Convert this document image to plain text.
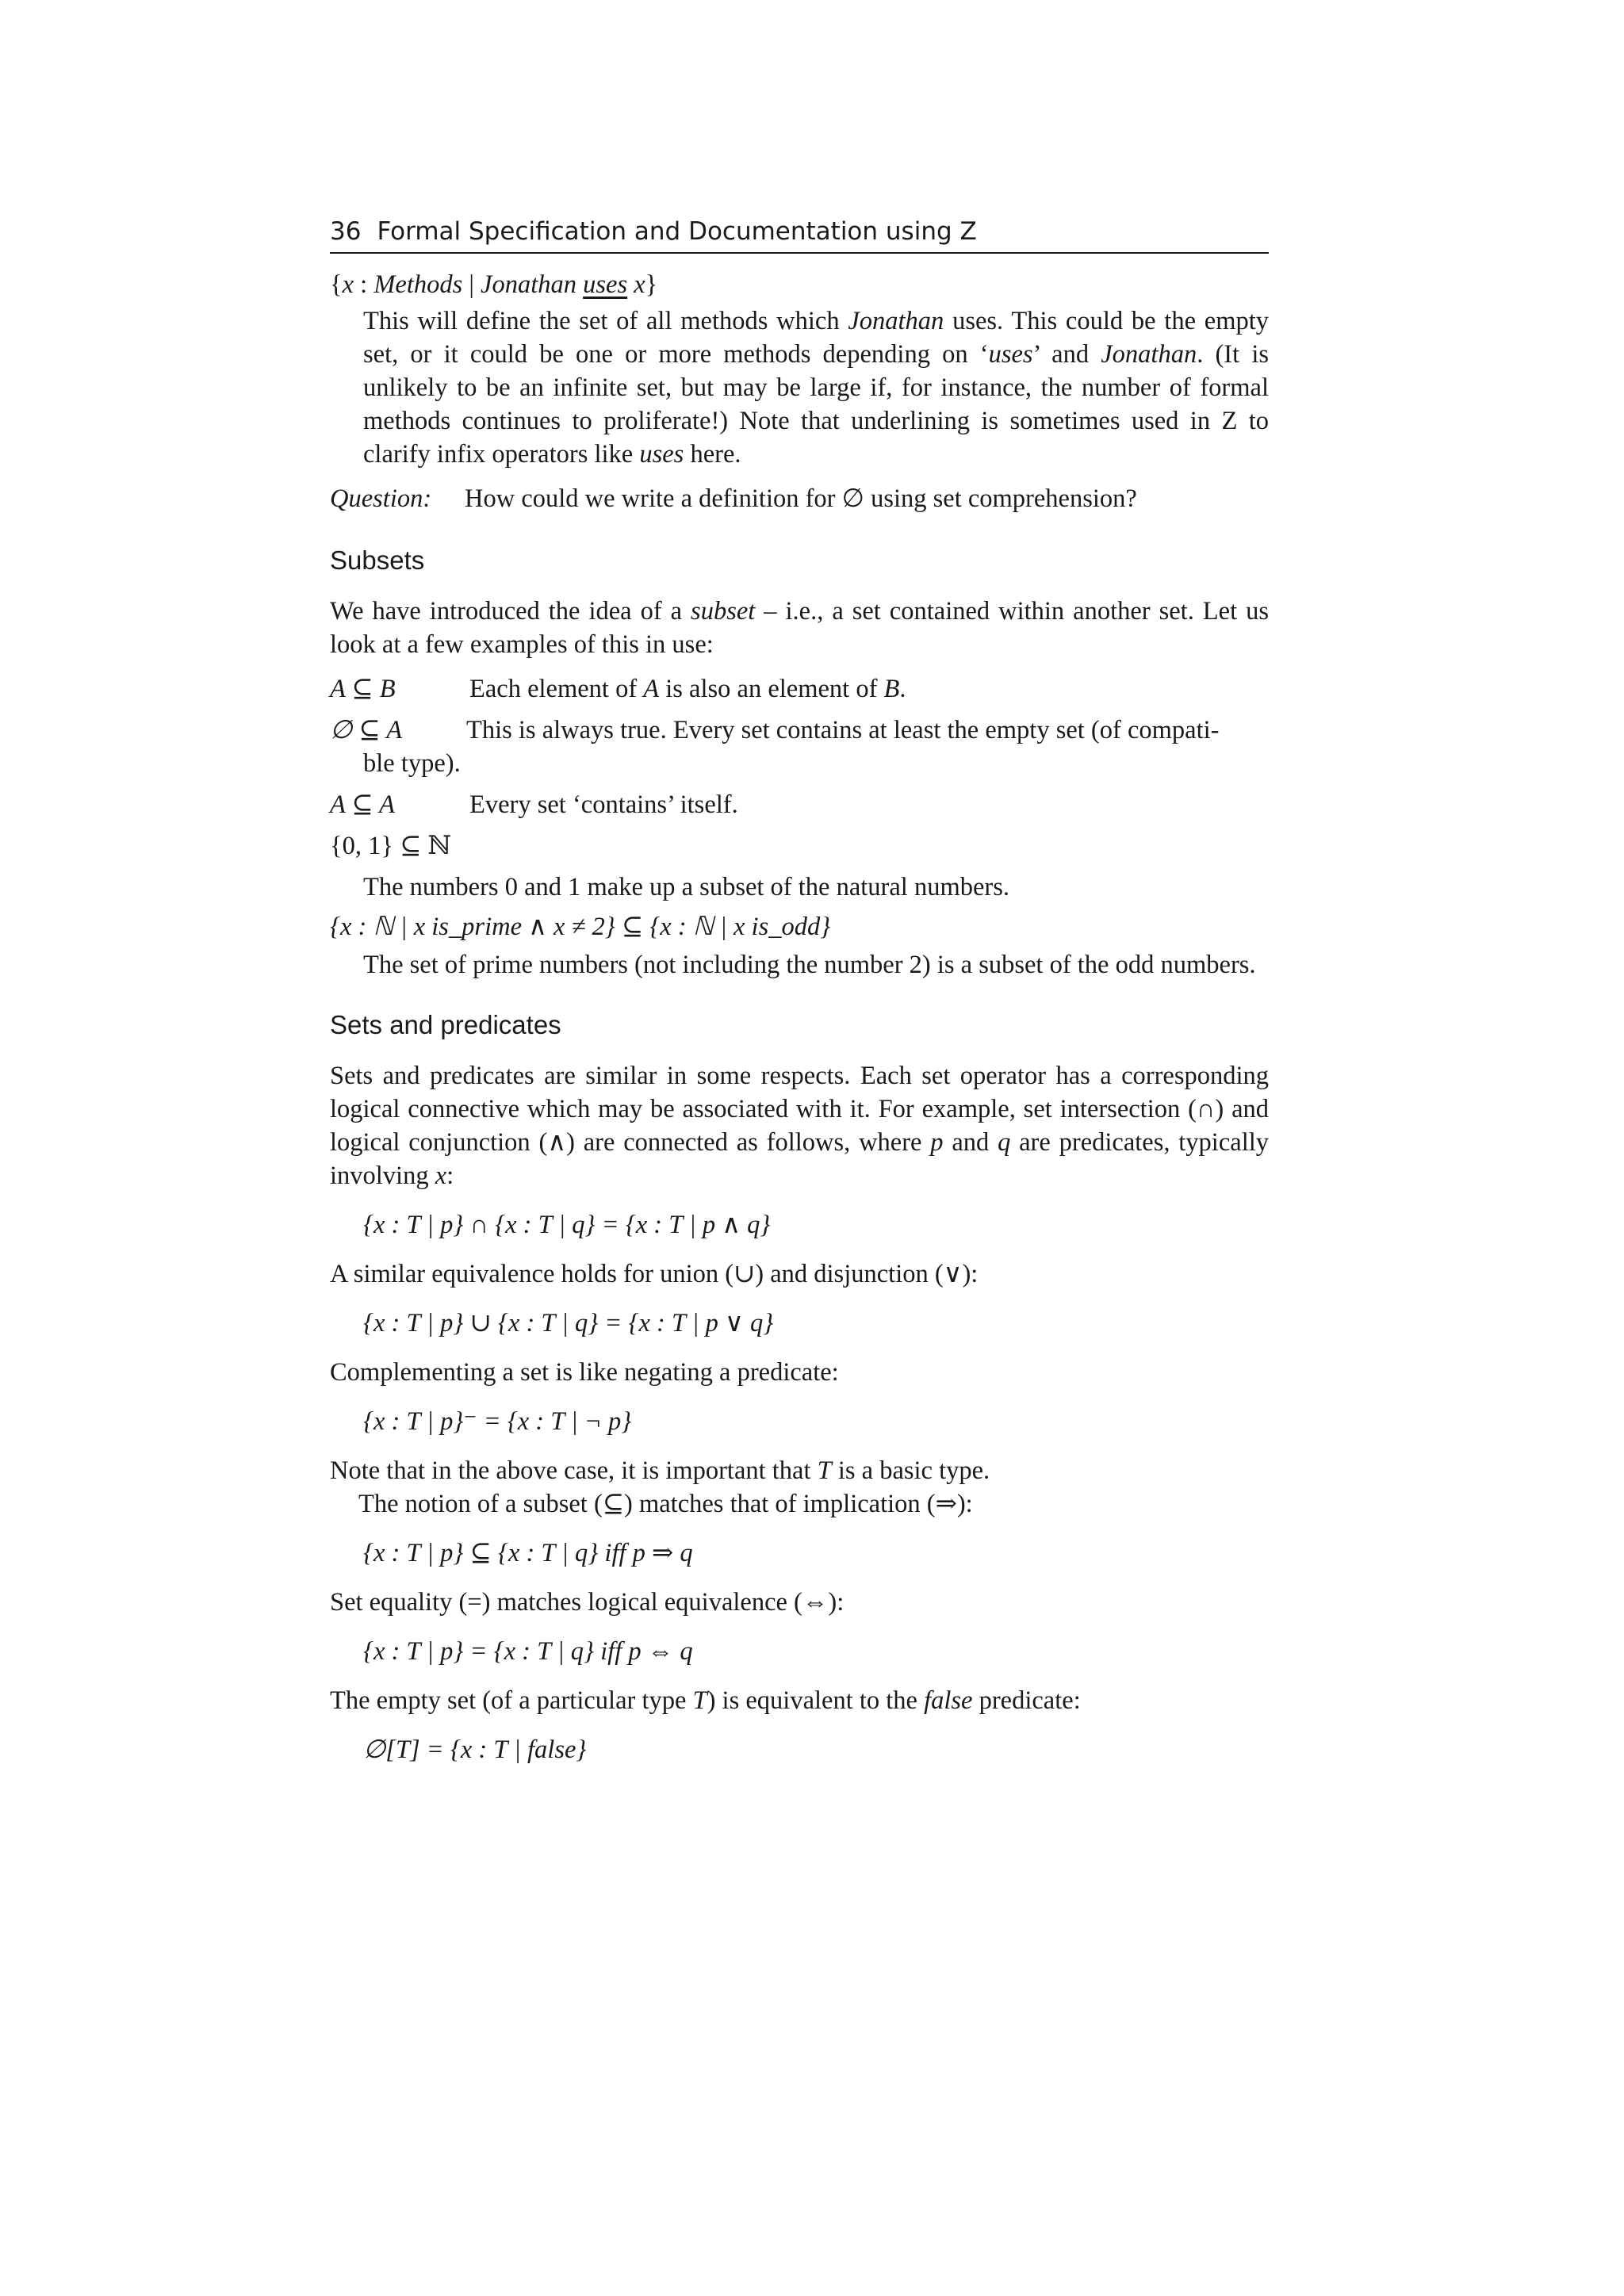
36 Formal Specification and Documentation using Z
{x : Methods | Jonathan uses x}
This will define the set of all methods which Jonathan uses. This could be the empty set, or it could be one or more methods depending on ‘uses’ and Jonathan. (It is unlikely to be an infinite set, but may be large if, for instance, the number of formal methods continues to proliferate!) Note that underlining is sometimes used in Z to clarify infix operators like uses here.
Question:	How could we write a definition for ∅ using set comprehension?
Subsets
We have introduced the idea of a subset – i.e., a set contained within another set. Let us look at a few examples of this in use:
A ⊆ B	Each element of A is also an element of B.
∅ ⊆ A	This is always true. Every set contains at least the empty set (of compati-
ble type).
A ⊆ A	Every set ‘contains’ itself.
{0, 1} ⊆ ℕ
The numbers 0 and 1 make up a subset of the natural numbers.
{x : ℕ | x is_prime ∧ x ≠ 2} ⊆ {x : ℕ | x is_odd}
The set of prime numbers (not including the number 2) is a subset of the odd numbers.
Sets and predicates
Sets and predicates are similar in some respects. Each set operator has a corresponding logical connective which may be associated with it. For example, set intersection (∩) and logical conjunction (∧) are connected as follows, where p and q are predicates, typically involving x:
{x : T | p} ∩ {x : T | q} = {x : T | p ∧ q}
A similar equivalence holds for union (∪) and disjunction (∨):
{x : T | p} ∪ {x : T | q} = {x : T | p ∨ q}
Complementing a set is like negating a predicate:
{x : T | p}⁻ = {x : T | ¬ p}
Note that in the above case, it is important that T is a basic type.
The notion of a subset (⊆) matches that of implication (⇒):
{x : T | p} ⊆ {x : T | q} iff p ⇒ q
Set equality (=) matches logical equivalence (⇔):
{x : T | p} = {x : T | q} iff p ⇔ q
The empty set (of a particular type T) is equivalent to the false predicate:
∅[T] = {x : T | false}
